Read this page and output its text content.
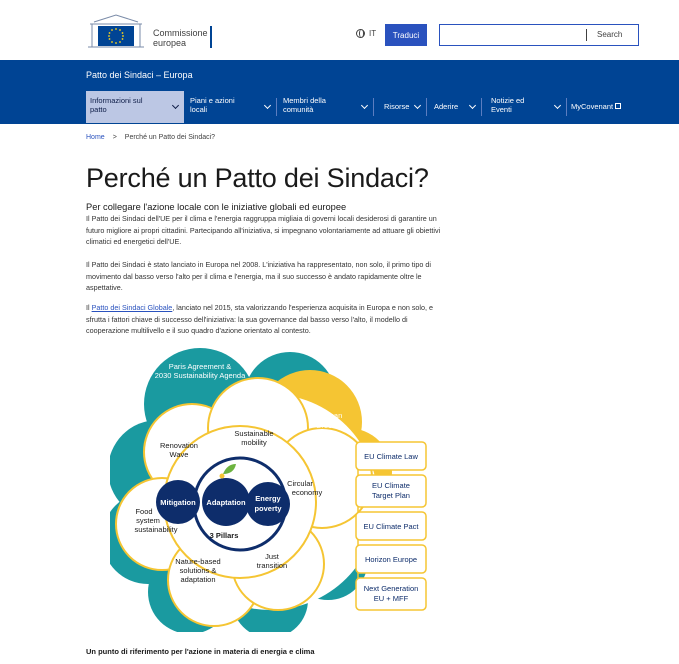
Commissione
europea
IT	Traduci	Search
Patto dei Sindaci – Europa
Informazioni sul
patto
Piani e azioni
locali
Membri della
comunità	Risorse	Aderire
Notizie ed
Eventi	MyCovenant
Home > Perché un Patto dei Sindaci?
Perché un Patto dei Sindaci?
Per collegare l'azione locale con le iniziative globali ed europee

Il Patto dei Sindaci dell'UE per il clima e l'energia raggruppa migliaia di governi locali desiderosi di garantire un futuro migliore ai propri cittadini. Partecipando all'iniziativa, si impegnano volontariamente ad attuare gli obiettivi climatici ed energetici dell'UE.

Il Patto dei Sindaci è stato lanciato in Europa nel 2008. L'iniziativa ha rappresentato, non solo, il primo tipo di movimento dal basso verso l'alto per il clima e l'energia, ma il suo successo è andato rapidamente oltre le aspettative.

Il Patto dei Sindaci Globale, lanciato nel 2015, sta valorizzando l'esperienza acquisita in Europa e non solo, e sfrutta i fattori chiave di successo dell'iniziativa: la sua governance dal basso verso l'alto, il modello di cooperazione multilivello e il suo quadro d'azione orientato al contesto.

Paris Agreement &
2030 Sustainability Agenda
European
Green
Deal
Renovation
Wave
Sustainable
mobility
Circular
economy
Just
transition
Nature-based
solutions &
adaptation
Food
system
sustainability
Mitigation Adaptation Energy
poverty
3 Pillars
EU Climate Law
EU Climate
Target Plan
EU Climate Pact
Horizon Europe
Next Generation
EU + MFF
Un punto di riferimento per l'azione in materia di energia e clima
